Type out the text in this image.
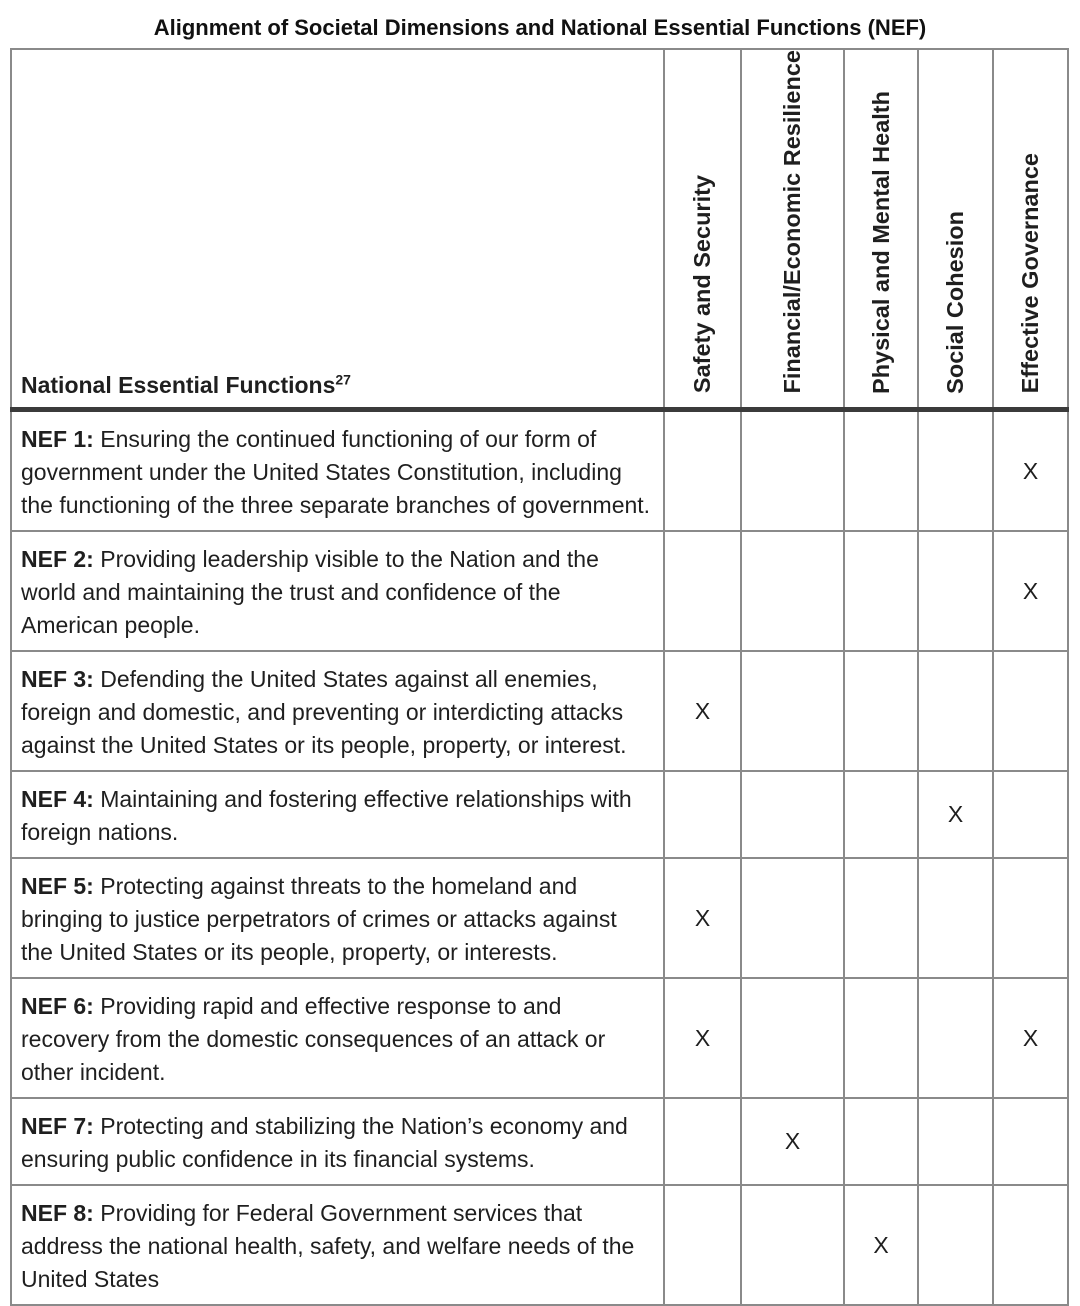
Alignment of Societal Dimensions and National Essential Functions (NEF)
National Essential Functions$^{27}$	Safety and Security	Financial/Economic Resilience	Physical and Mental Health	Social Cohesion	Effective Governance
NEF 1: Ensuring the continued functioning of our form of government under the United States Constitution, including the functioning of the three separate branches of government.					X
NEF 2: Providing leadership visible to the Nation and the world and maintaining the trust and confidence of the American people.					X
NEF 3: Defending the United States against all enemies, foreign and domestic, and preventing or interdicting attacks against the United States or its people, property, or interest.	X				
NEF 4: Maintaining and fostering effective relationships with foreign nations.				X	
NEF 5: Protecting against threats to the homeland and bringing to justice perpetrators of crimes or attacks against the United States or its people, property, or interests.	X				
NEF 6: Providing rapid and effective response to and recovery from the domestic consequences of an attack or other incident.	X				X
NEF 7: Protecting and stabilizing the Nation’s economy and ensuring public confidence in its financial systems.		X			
NEF 8: Providing for Federal Government services that address the national health, safety, and welfare needs of the United States			X		
